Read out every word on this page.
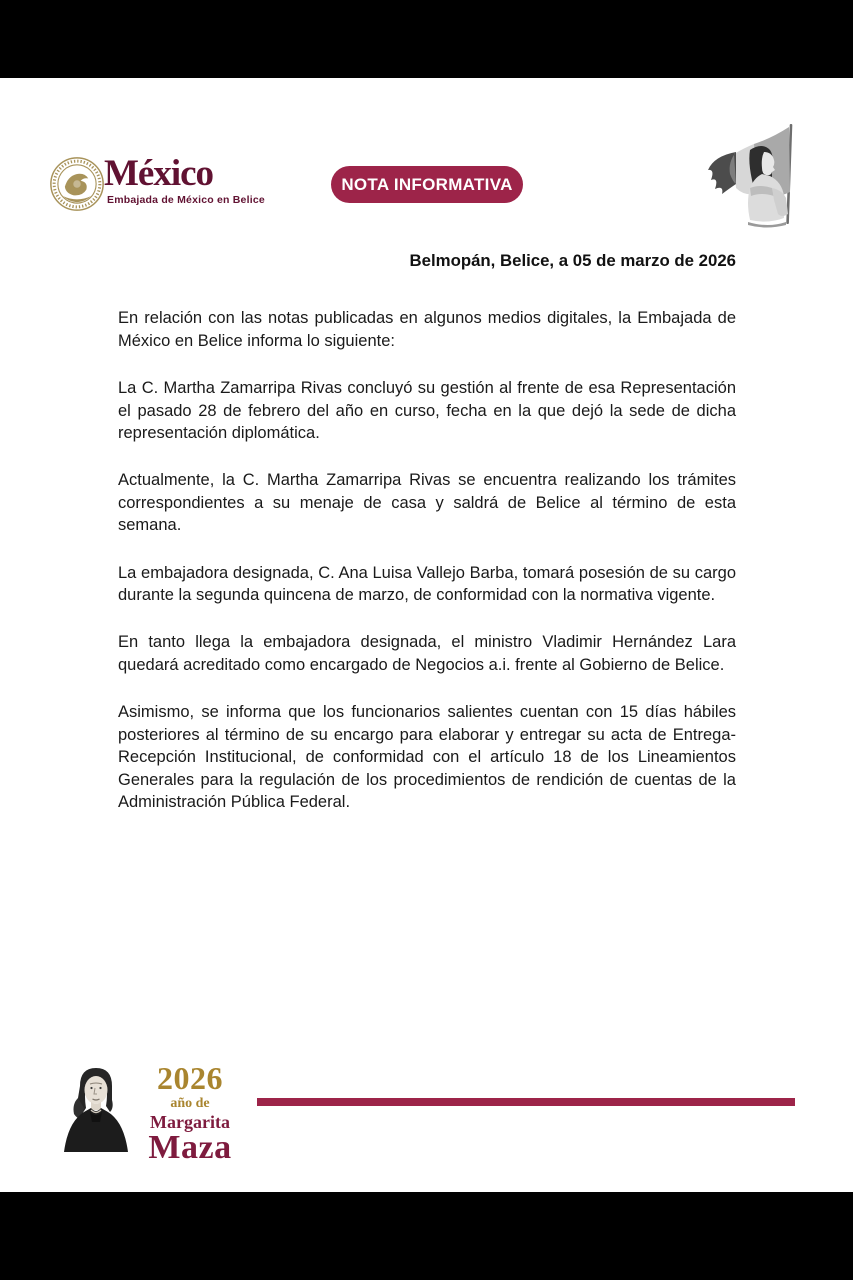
México
Embajada de México en Belice
NOTA INFORMATIVA
Belmopán, Belice, a 05 de marzo de 2026

En relación con las notas publicadas en algunos medios digitales, la Embajada de México en Belice informa lo siguiente:

La C. Martha Zamarripa Rivas concluyó su gestión al frente de esa Representación el pasado 28 de febrero del año en curso, fecha en la que dejó la sede de dicha representación diplomática.

Actualmente, la C. Martha Zamarripa Rivas se encuentra realizando los trámites correspondientes a su menaje de casa y saldrá de Belice al término de esta semana.

La embajadora designada, C. Ana Luisa Vallejo Barba, tomará posesión de su cargo durante la segunda quincena de marzo, de conformidad con la normativa vigente.

En tanto llega la embajadora designada, el ministro Vladimir Hernández Lara quedará acreditado como encargado de Negocios a.i. frente al Gobierno de Belice.

Asimismo, se informa que los funcionarios salientes cuentan con 15 días hábiles posteriores al término de su encargo para elaborar y entregar su acta de Entrega-Recepción Institucional, de conformidad con el artículo 18 de los Lineamientos Generales para la regulación de los procedimientos de rendición de cuentas de la Administración Pública Federal.

2026
año de
Margarita
Maza
